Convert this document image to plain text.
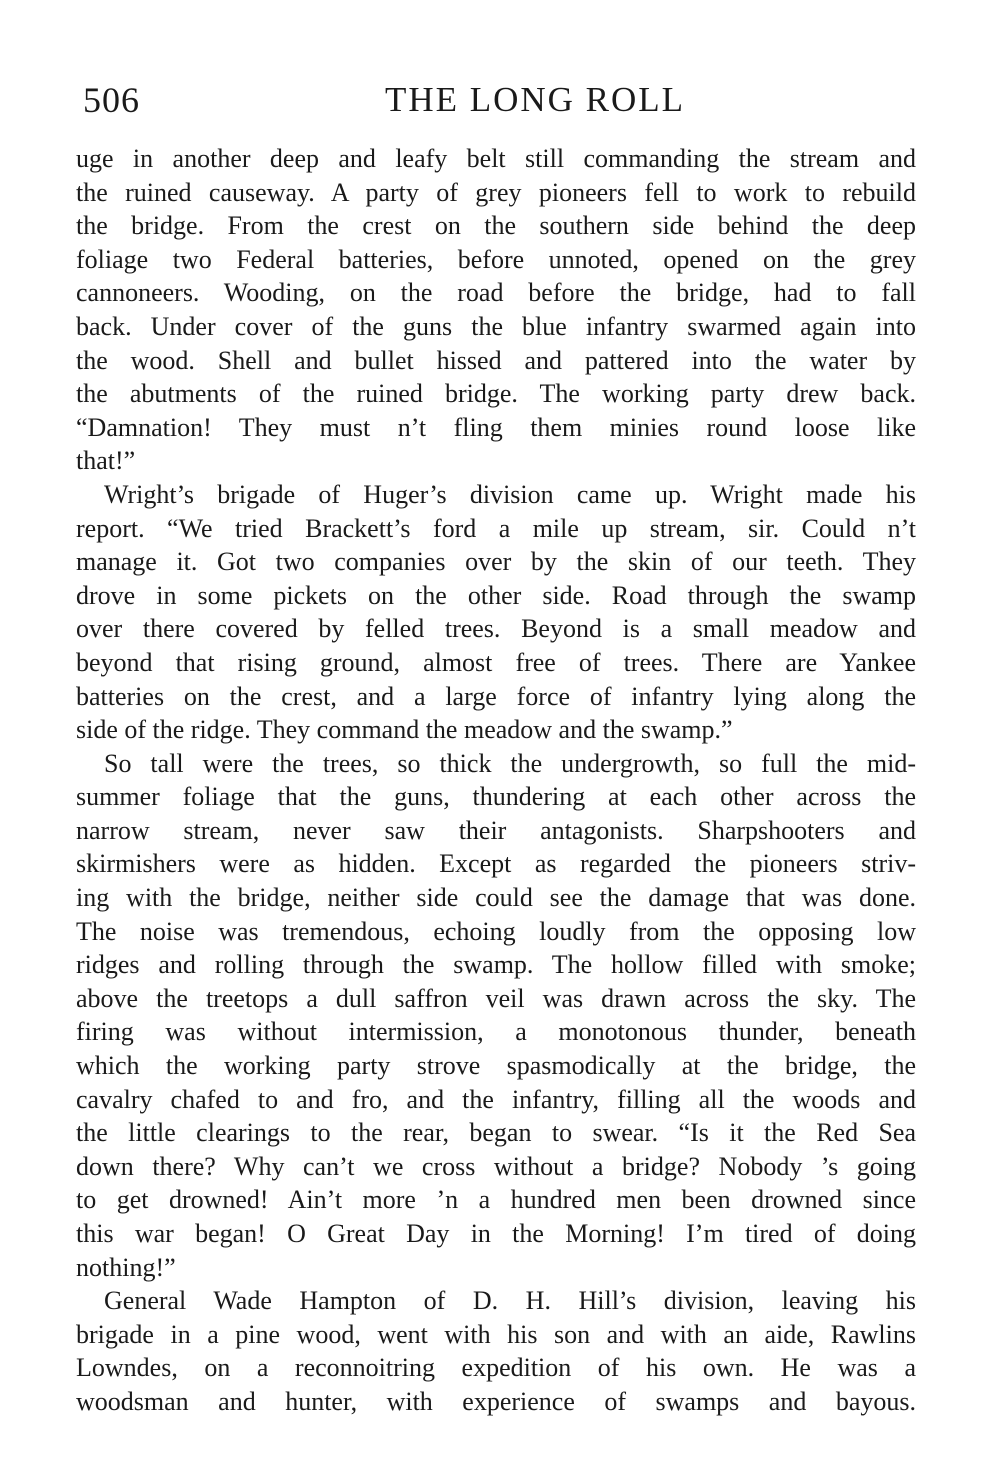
506	THE LONG ROLL

uge in another deep and leafy belt still commanding the stream and
the ruined causeway. A party of grey pioneers fell to work to rebuild
the bridge. From the crest on the southern side behind the deep
foliage two Federal batteries, before unnoted, opened on the grey
cannoneers. Wooding, on the road before the bridge, had to fall
back. Under cover of the guns the blue infantry swarmed again into
the wood. Shell and bullet hissed and pattered into the water by
the abutments of the ruined bridge. The working party drew back.
“Damnation! They must n’t fling them minies round loose like
that!”

Wright’s brigade of Huger’s division came up. Wright made his
report. “We tried Brackett’s ford a mile up stream, sir. Could n’t
manage it. Got two companies over by the skin of our teeth. They
drove in some pickets on the other side. Road through the swamp
over there covered by felled trees. Beyond is a small meadow and
beyond that rising ground, almost free of trees. There are Yankee
batteries on the crest, and a large force of infantry lying along the
side of the ridge. They command the meadow and the swamp.”

So tall were the trees, so thick the undergrowth, so full the mid-
summer foliage that the guns, thundering at each other across the
narrow stream, never saw their antagonists. Sharpshooters and
skirmishers were as hidden. Except as regarded the pioneers striv-
ing with the bridge, neither side could see the damage that was done.
The noise was tremendous, echoing loudly from the opposing low
ridges and rolling through the swamp. The hollow filled with smoke;
above the treetops a dull saffron veil was drawn across the sky. The
firing was without intermission, a monotonous thunder, beneath
which the working party strove spasmodically at the bridge, the
cavalry chafed to and fro, and the infantry, filling all the woods and
the little clearings to the rear, began to swear. “Is it the Red Sea
down there? Why can’t we cross without a bridge? Nobody ’s going
to get drowned! Ain’t more ’n a hundred men been drowned since
this war began! O Great Day in the Morning! I’m tired of doing
nothing!”

General Wade Hampton of D. H. Hill’s division, leaving his
brigade in a pine wood, went with his son and with an aide, Rawlins
Lowndes, on a reconnoitring expedition of his own. He was a
woodsman and hunter, with experience of swamps and bayous.
